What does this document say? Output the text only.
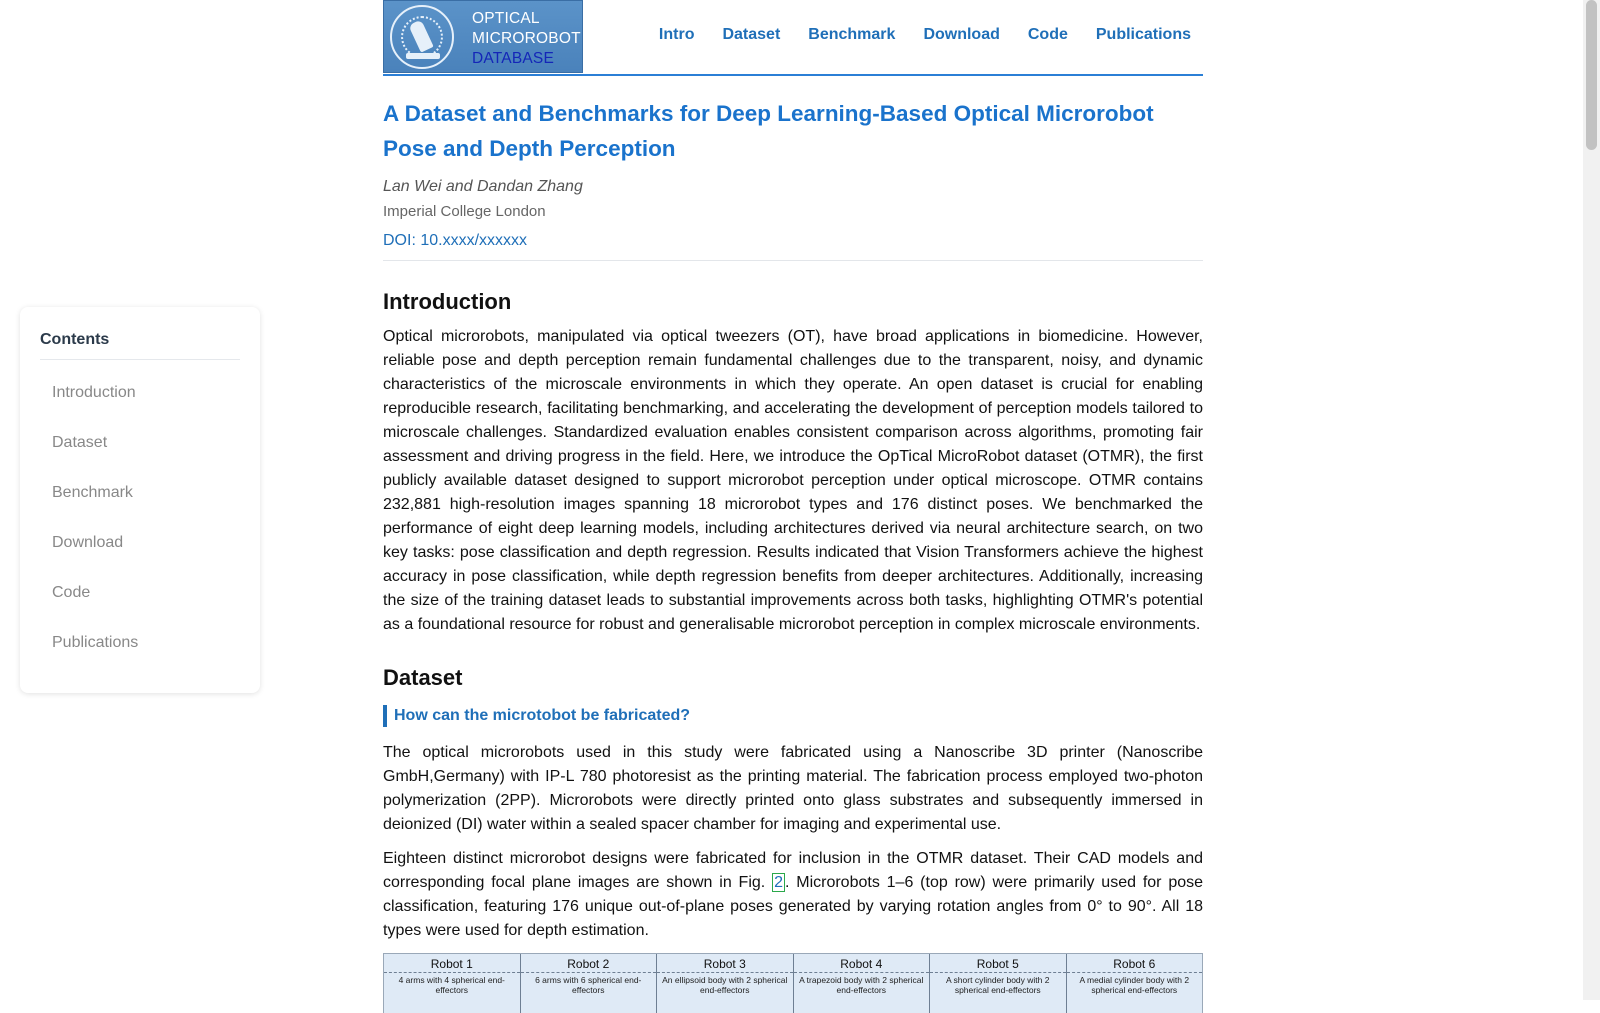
OPTICAL
MICROROBOT
DATABASE
Intro Dataset Benchmark Download Code Publications
Contents
Introduction
Dataset
Benchmark
Download
Code
Publications
A Dataset and Benchmarks for Deep Learning-Based Optical Microrobot Pose and Depth Perception
Lan Wei and Dandan Zhang
Imperial College London
DOI: 10.xxxx/xxxxxx
Introduction

Optical microrobots, manipulated via optical tweezers (OT), have broad applications in biomedicine. However, reliable pose and depth perception remain fundamental challenges due to the transparent, noisy, and dynamic characteristics of the microscale environments in which they operate. An open dataset is crucial for enabling reproducible research, facilitating benchmarking, and accelerating the development of perception models tailored to microscale challenges. Standardized evaluation enables consistent comparison across algorithms, promoting fair assessment and driving progress in the field. Here, we introduce the OpTical MicroRobot dataset (OTMR), the first publicly available dataset designed to support microrobot perception under optical microscope. OTMR contains 232,881 high-resolution images spanning 18 microrobot types and 176 distinct poses. We benchmarked the performance of eight deep learning models, including architectures derived via neural architecture search, on two key tasks: pose classification and depth regression. Results indicated that Vision Transformers achieve the highest accuracy in pose classification, while depth regression benefits from deeper architectures. Additionally, increasing the size of the training dataset leads to substantial improvements across both tasks, highlighting OTMR's potential as a foundational resource for robust and generalisable microrobot perception in complex microscale environments.

Dataset
How can the microtobot be fabricated?

The optical microrobots used in this study were fabricated using a Nanoscribe 3D printer (Nanoscribe GmbH,Germany) with IP-L 780 photoresist as the printing material. The fabrication process employed two-photon polymerization (2PP). Microrobots were directly printed onto glass substrates and subsequently immersed in deionized (DI) water within a sealed spacer chamber for imaging and experimental use.

Eighteen distinct microrobot designs were fabricated for inclusion in the OTMR dataset. Their CAD models and corresponding focal plane images are shown in Fig. 2 . Microrobots 1–6 (top row) were primarily used for pose classification, featuring 176 unique out-of-plane poses generated by varying rotation angles from 0° to 90°. All 18 types were used for depth estimation.

Robot 1
4 arms with 4 spherical end-effectors
Robot 2
6 arms with 6 spherical end-effectors
Robot 3
An ellipsoid body with 2 spherical end-effectors
Robot 4
A trapezoid body with 2 spherical end-effectors
Robot 5
A short cylinder body with 2 spherical end-effectors
Robot 6
A medial cylinder body with 2 spherical end-effectors
